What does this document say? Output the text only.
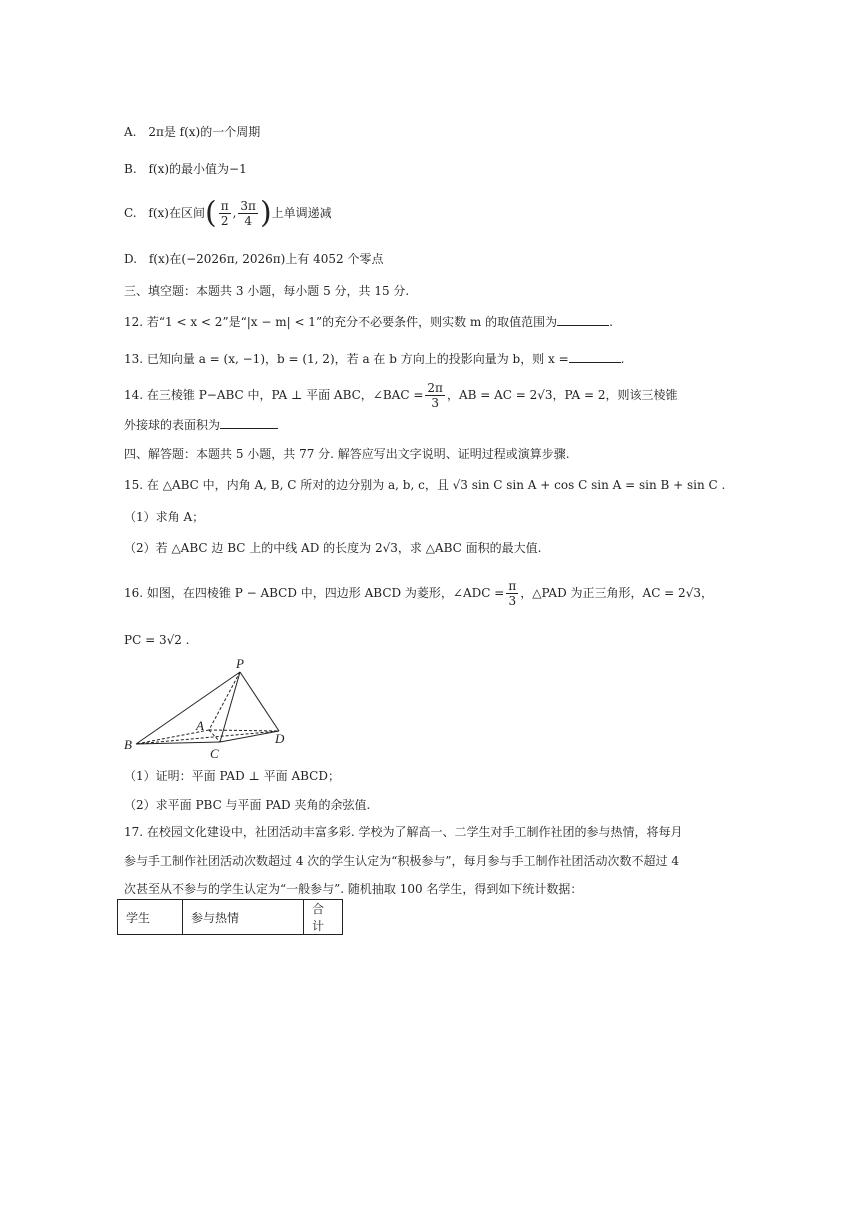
A. 2π是 f(x)的一个周期
B. f(x)的最小值为−1
C. f(x)在区间( $\frac{\pi}{2}$ , $\frac{3\pi}{4}$ )上单调递减
D. f(x)在(−2026π, 2026π)上有 4052 个零点
三、填空题：本题共 3 小题，每小题 5 分，共 15 分.
12. 若“1 < x < 2”是“|x − m| < 1”的充分不必要条件，则实数 m 的取值范围为	.
13. 已知向量 a = (x, −1)，b = (1, 2)，若 a 在 b 方向上的投影向量为 b，则 x =	.
14. 在三棱锥 P−ABC 中，PA ⊥ 平面 ABC，∠BAC = $\frac{2\pi}{3}$ ，AB = AC = 2√3，PA = 2，则该三棱锥
外接球的表面积为
四、解答题：本题共 5 小题，共 77 分. 解答应写出文字说明、证明过程或演算步骤.
15. 在 △ABC 中，内角 A, B, C 所对的边分别为 a, b, c，且 √3 sin C sin A + cos C sin A = sin B + sin C .
（1）求角 A；
（2）若 △ABC 边 BC 上的中线 AD 的长度为 2√3，求 △ABC 面积的最大值.
16. 如图，在四棱锥 P − ABCD 中，四边形 ABCD 为菱形，∠ADC = $\frac{\pi}{3}$ ，△PAD 为正三角形，AC = 2√3，
PC = 3√2 .
P
A
B
C
D
（1）证明：平面 PAD ⊥ 平面 ABCD；
（2）求平面 PBC 与平面 PAD 夹角的余弦值.
17. 在校园文化建设中，社团活动丰富多彩. 学校为了解高一、二学生对手工制作社团的参与热情，将每月
参与手工制作社团活动次数超过 4 次的学生认定为“积极参与”，每月参与手工制作社团活动次数不超过 4
次甚至从不参与的学生认定为“一般参与”. 随机抽取 100 名学生，得到如下统计数据：
学生	参与热情	合计
